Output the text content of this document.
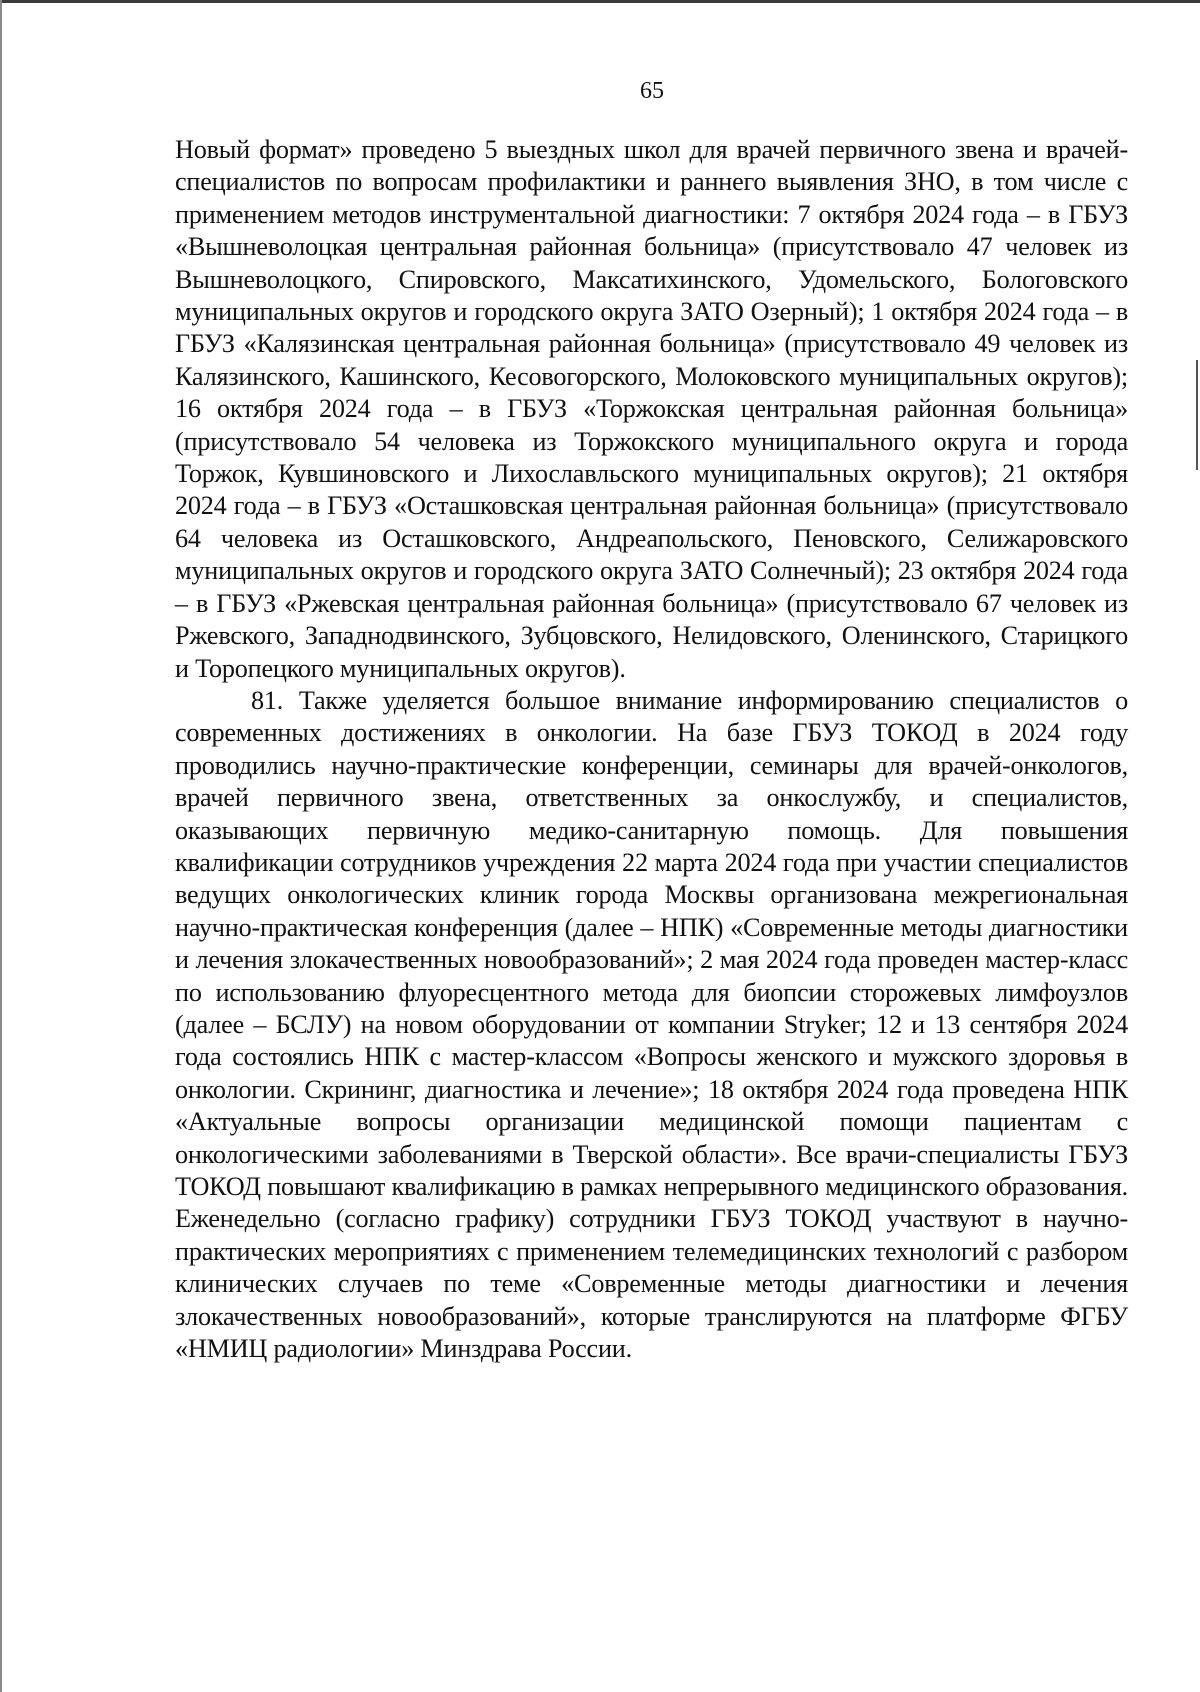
65

Новый формат» проведено 5 выездных школ для врачей первичного звена и врачей-специалистов по вопросам профилактики и раннего выявления ЗНО, в том числе с применением методов инструментальной диагностики: 7 октября 2024 года – в ГБУЗ «Вышневолоцкая центральная районная больница» (присутствовало 47 человек из Вышневолоцкого, Спировского, Максатихинского, Удомельского, Бологовского муниципальных округов и городского округа ЗАТО Озерный); 1 октября 2024 года – в ГБУЗ «Калязинская центральная районная больница» (присутствовало 49 человек из Калязинского, Кашинского, Кесовогорского, Молоковского муниципальных округов); 16 октября 2024 года – в ГБУЗ «Торжокская центральная районная больница» (присутствовало 54 человека из Торжокского муниципального округа и города Торжок, Кувшиновского и Лихославльского муниципальных округов); 21 октября 2024 года – в ГБУЗ «Осташковская центральная районная больница» (присутствовало 64 человека из Осташковского, Андреапольского, Пеновского, Селижаровского муниципальных округов и городского округа ЗАТО Солнечный); 23 октября 2024 года – в ГБУЗ «Ржевская центральная районная больница» (присутствовало 67 человек из Ржевского, Западнодвинского, Зубцовского, Нелидовского, Оленинского, Старицкого и Торопецкого муниципальных округов).

81. Также уделяется большое внимание информированию специалистов о современных достижениях в онкологии. На базе ГБУЗ ТОКОД в 2024 году проводились научно-практические конференции, семинары для врачей-онкологов, врачей первичного звена, ответственных за онкослужбу, и специалистов, оказывающих первичную медико-санитарную помощь. Для повышения квалификации сотрудников учреждения 22 марта 2024 года при участии специалистов ведущих онкологических клиник города Москвы организована межрегиональная научно-практическая конференция (далее – НПК) «Современные методы диагностики и лечения злокачественных новообразований»; 2 мая 2024 года проведен мастер-класс по использованию флуоресцентного метода для биопсии сторожевых лимфоузлов (далее – БСЛУ) на новом оборудовании от компании Stryker; 12 и 13 сентября 2024 года состоялись НПК с мастер-классом «Вопросы женского и мужского здоровья в онкологии. Скрининг, диагностика и лечение»; 18 октября 2024 года проведена НПК «Актуальные вопросы организации медицинской помощи пациентам с онкологическими заболеваниями в Тверской области». Все врачи-специалисты ГБУЗ ТОКОД повышают квалификацию в рамках непрерывного медицинского образования. Еженедельно (согласно графику) сотрудники ГБУЗ ТОКОД участвуют в научно-практических мероприятиях с применением телемедицинских технологий с разбором клинических случаев по теме «Современные методы диагностики и лечения злокачественных новообразований», которые транслируются на платформе ФГБУ «НМИЦ радиологии» Минздрава России.
